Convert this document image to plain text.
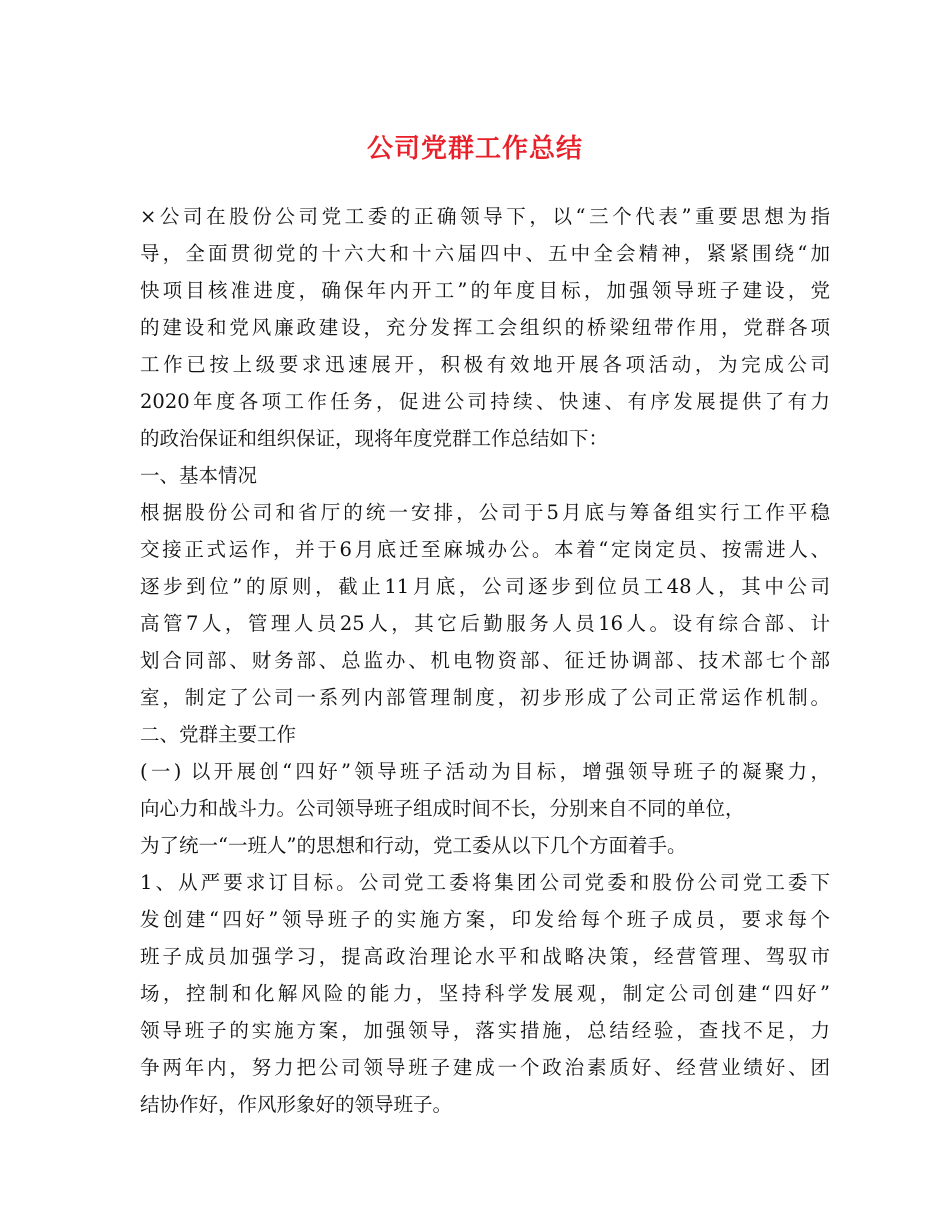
公司党群工作总结
×公司在股份公司党工委的正确领导下，以“三个代表”重要思想为指
导，全面贯彻党的十六大和十六届四中、五中全会精神，紧紧围绕“加
快项目核准进度，确保年内开工”的年度目标，加强领导班子建设，党
的建设和党风廉政建设，充分发挥工会组织的桥梁纽带作用，党群各项
工作已按上级要求迅速展开，积极有效地开展各项活动，为完成公司
2020年度各项工作任务，促进公司持续、快速、有序发展提供了有力
的政治保证和组织保证，现将年度党群工作总结如下：
一、基本情况
根据股份公司和省厅的统一安排，公司于5月底与筹备组实行工作平稳
交接正式运作，并于6月底迁至麻城办公。本着“定岗定员、按需进人、
逐步到位”的原则，截止11月底，公司逐步到位员工48人，其中公司
高管7人，管理人员25人，其它后勤服务人员16人。设有综合部、计
划合同部、财务部、总监办、机电物资部、征迁协调部、技术部七个部
室，制定了公司一系列内部管理制度，初步形成了公司正常运作机制。
二、党群主要工作
(一) 以开展创“四好”领导班子活动为目标，增强领导班子的凝聚力，
向心力和战斗力。公司领导班子组成时间不长，分别来自不同的单位，
为了统一“一班人”的思想和行动，党工委从以下几个方面着手。
1、从严要求订目标。公司党工委将集团公司党委和股份公司党工委下
发创建“四好”领导班子的实施方案，印发给每个班子成员，要求每个
班子成员加强学习，提高政治理论水平和战略决策，经营管理、驾驭市
场，控制和化解风险的能力，坚持科学发展观，制定公司创建“四好”
领导班子的实施方案，加强领导，落实措施，总结经验，查找不足，力
争两年内，努力把公司领导班子建成一个政治素质好、经营业绩好、团
结协作好，作风形象好的领导班子。
